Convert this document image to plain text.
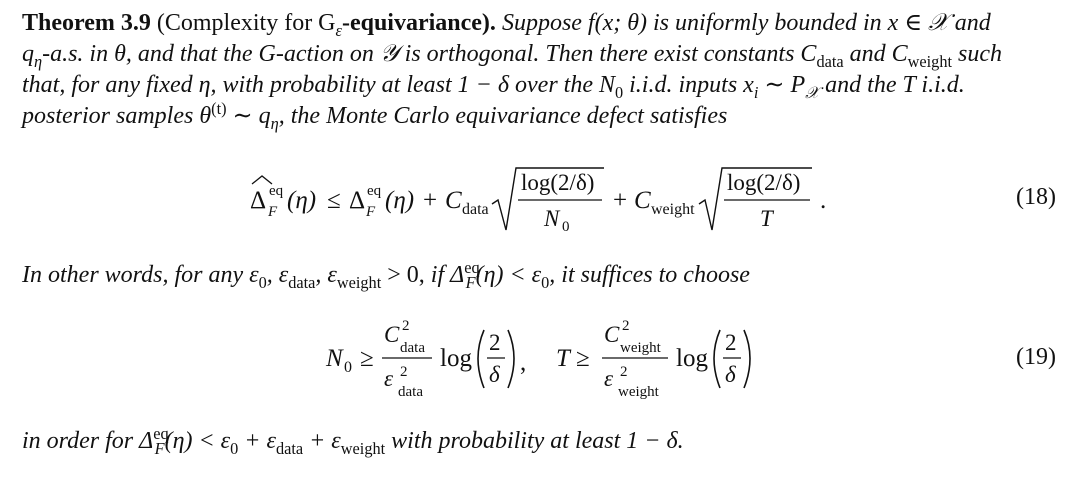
Theorem 3.9 (Complexity for $G_\varepsilon-equivariance$). Suppose f(x; θ) is uniformly bounded in x ∈ 𝒳 and
$q_\eta-a.s$. in θ, and that the G-action on 𝒴 is orthogonal. Then there exist constants $C_{data}$ and $C_{weight}$ such
that, for any fixed η, with probability at least 1 − δ over the $N_0$ i.i.d. inputs $x_i$ ∼ $P_𝒳$ and the T i.i.d.
posterior samples $\theta^{(t)}$ ∼ $q_\eta$, the Monte Carlo equivariance defect satisfies
Δ eq
F (η) ≤ Δ eq
F (η) + C data
log(2/δ)
N 0
+ C weight
log(2/δ)
T
.	(18)
In other words, for any $\varepsilon_0$, $\varepsilon_{data}$, $\varepsilon_{weight} > 0$, if $\Delta^{eq}_F(\eta) < \varepsilon_0$, it suffices to choose
N 0 ≥
C 2
data
ε 2
data
log
2
δ , T ≥
C 2
weight
ε 2
weight
log
2
δ
(19)
in order for $\Delta^{eq}_F(\eta) < \varepsilon_0 + \varepsilon_{data} + \varepsilon_{weight}$ with probability at least 1 − δ.
